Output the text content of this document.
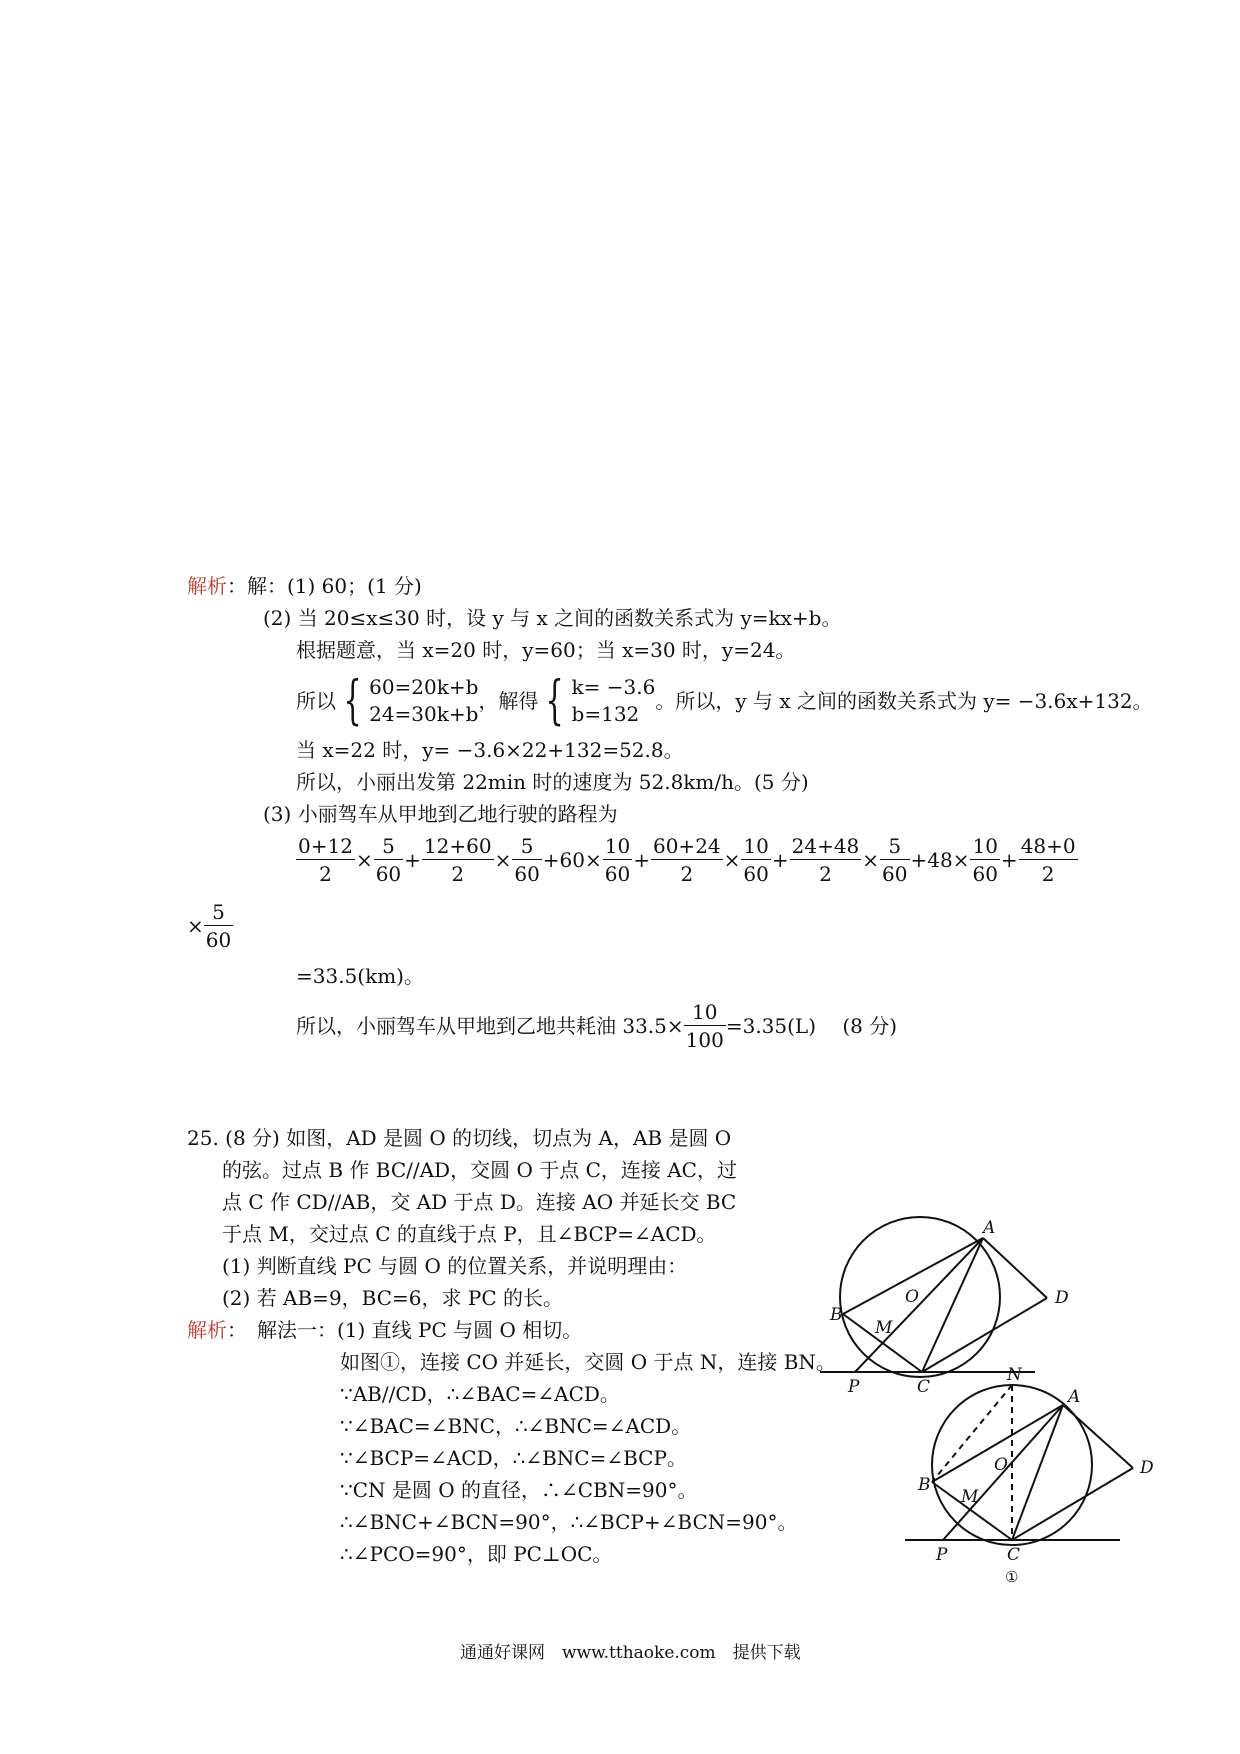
解析：解：(1) 60；(1 分)
(2) 当 20≤x≤30 时，设 y 与 x 之间的函数关系式为 y=kx+b。
根据题意，当 x=20 时，y=60；当 x=30 时，y=24。
所以 { 60=20k+b
24=30k+b
，解得 { k= −3.6
b=132
。所以，y 与 x 之间的函数关系式为 y= −3.6x+132。
当 x=22 时，y= −3.6×22+132=52.8。
所以，小丽出发第 22min 时的速度为 52.8km/h。(5 分)
(3) 小丽驾车从甲地到乙地行驶的路程为
$\frac{0+12}{2} \times \frac{5}{60} + \frac{12+60}{2} \times \frac{5}{60} +60\times \frac{10}{60} + \frac{60+24}{2} \times \frac{10}{60} + \frac{24+48}{2} \times \frac{5}{60} +48\times \frac{10}{60} + \frac{48+0}{2}$
× $\frac{5}{60}$
=33.5(km)。
所以，小丽驾车从甲地到乙地共耗油 $33.5\times \frac{10}{100} =3.35(L)$　 (8 分)
25. (8 分) 如图，AD 是圆 O 的切线，切点为 A，AB 是圆 O
的弦。过点 B 作 BC//AD，交圆 O 于点 C，连接 AC，过
点 C 作 CD//AB，交 AD 于点 D。连接 AO 并延长交 BC
于点 M，交过点 C 的直线于点 P，且∠BCP=∠ACD。
(1) 判断直线 PC 与圆 O 的位置关系，并说明理由：
(2) 若 AB=9，BC=6，求 PC 的长。
解析：　解法一：(1) 直线 PC 与圆 O 相切。
如图①，连接 CO 并延长，交圆 O 于点 N，连接 BN。
∵AB//CD，∴∠BAC=∠ACD。
∵∠BAC=∠BNC，∴∠BNC=∠ACD。
∵∠BCP=∠ACD，∴∠BNC=∠BCP。
∵CN 是圆 O 的直径，∴∠CBN=90°。
∴∠BNC+∠BCN=90°，∴∠BCP+∠BCN=90°。
∴∠PCO=90°，即 PC⊥OC。
A
O	D
B
M
P	C
N
A
O	D
B
M
P	C
①
通通好课网　www.tthaoke.com　提供下载
